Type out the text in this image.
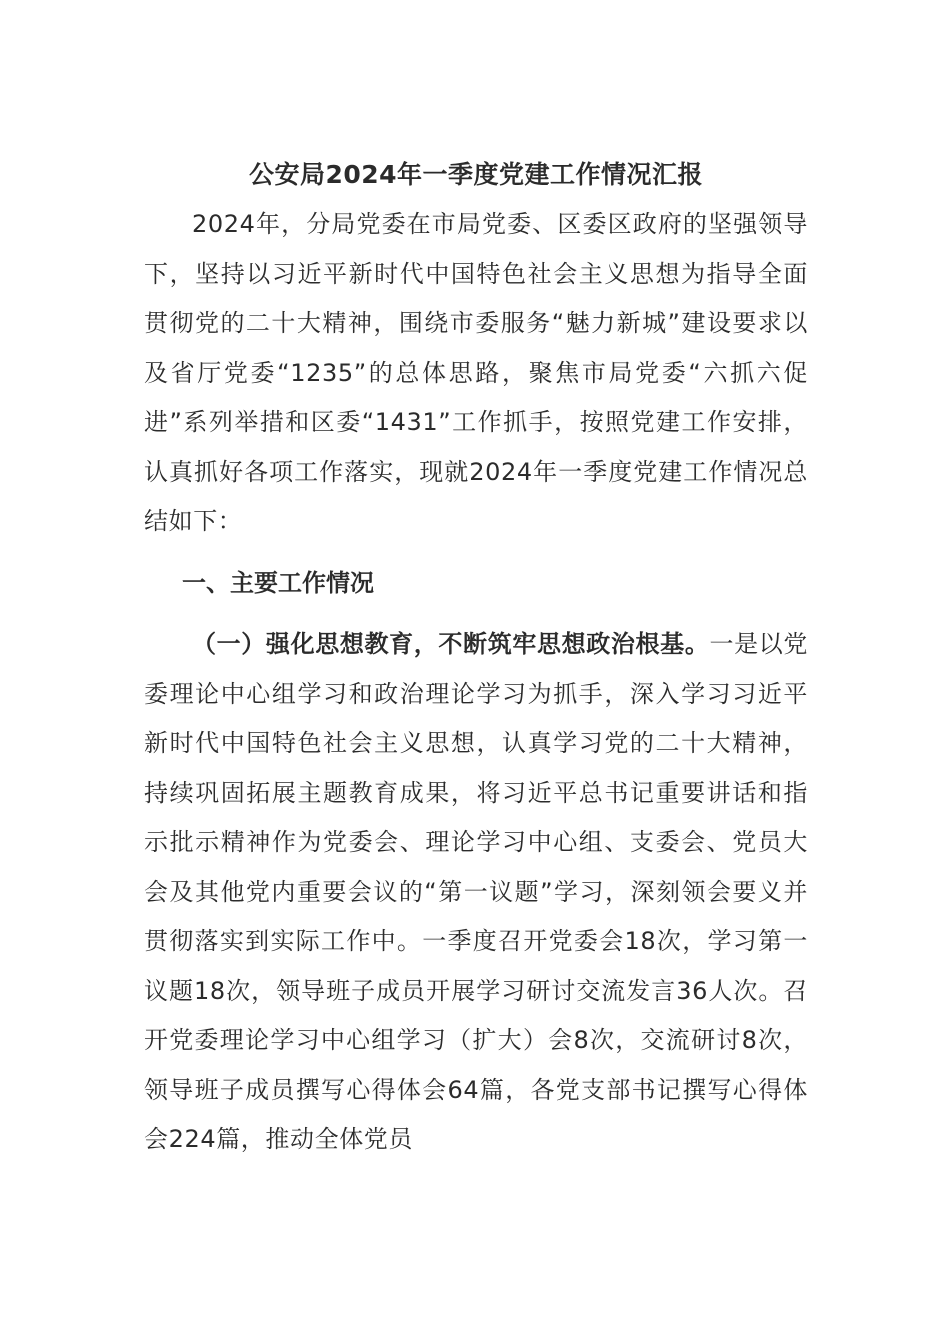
公安局2024年一季度党建工作情况汇报

2024年，分局党委在市局党委、区委区政府的坚强领导下，坚持以习近平新时代中国特色社会主义思想为指导全面贯彻党的二十大精神，围绕市委服务“魅力新城”建设要求以及省厅党委“1235”的总体思路，聚焦市局党委“六抓六促进”系列举措和区委“1431”工作抓手，按照党建工作安排，认真抓好各项工作落实，现就2024年一季度党建工作情况总结如下：

一、主要工作情况

（一）强化思想教育，不断筑牢思想政治根基。一是以党委理论中心组学习和政治理论学习为抓手，深入学习习近平新时代中国特色社会主义思想，认真学习党的二十大精神，持续巩固拓展主题教育成果，将习近平总书记重要讲话和指示批示精神作为党委会、理论学习中心组、支委会、党员大会及其他党内重要会议的“第一议题”学习，深刻领会要义并贯彻落实到实际工作中。一季度召开党委会18次，学习第一议题18次，领导班子成员开展学习研讨交流发言36人次。召开党委理论学习中心组学习（扩大）会8次，交流研讨8次，领导班子成员撰写心得体会64篇，各党支部书记撰写心得体会224篇，推动全体党员
